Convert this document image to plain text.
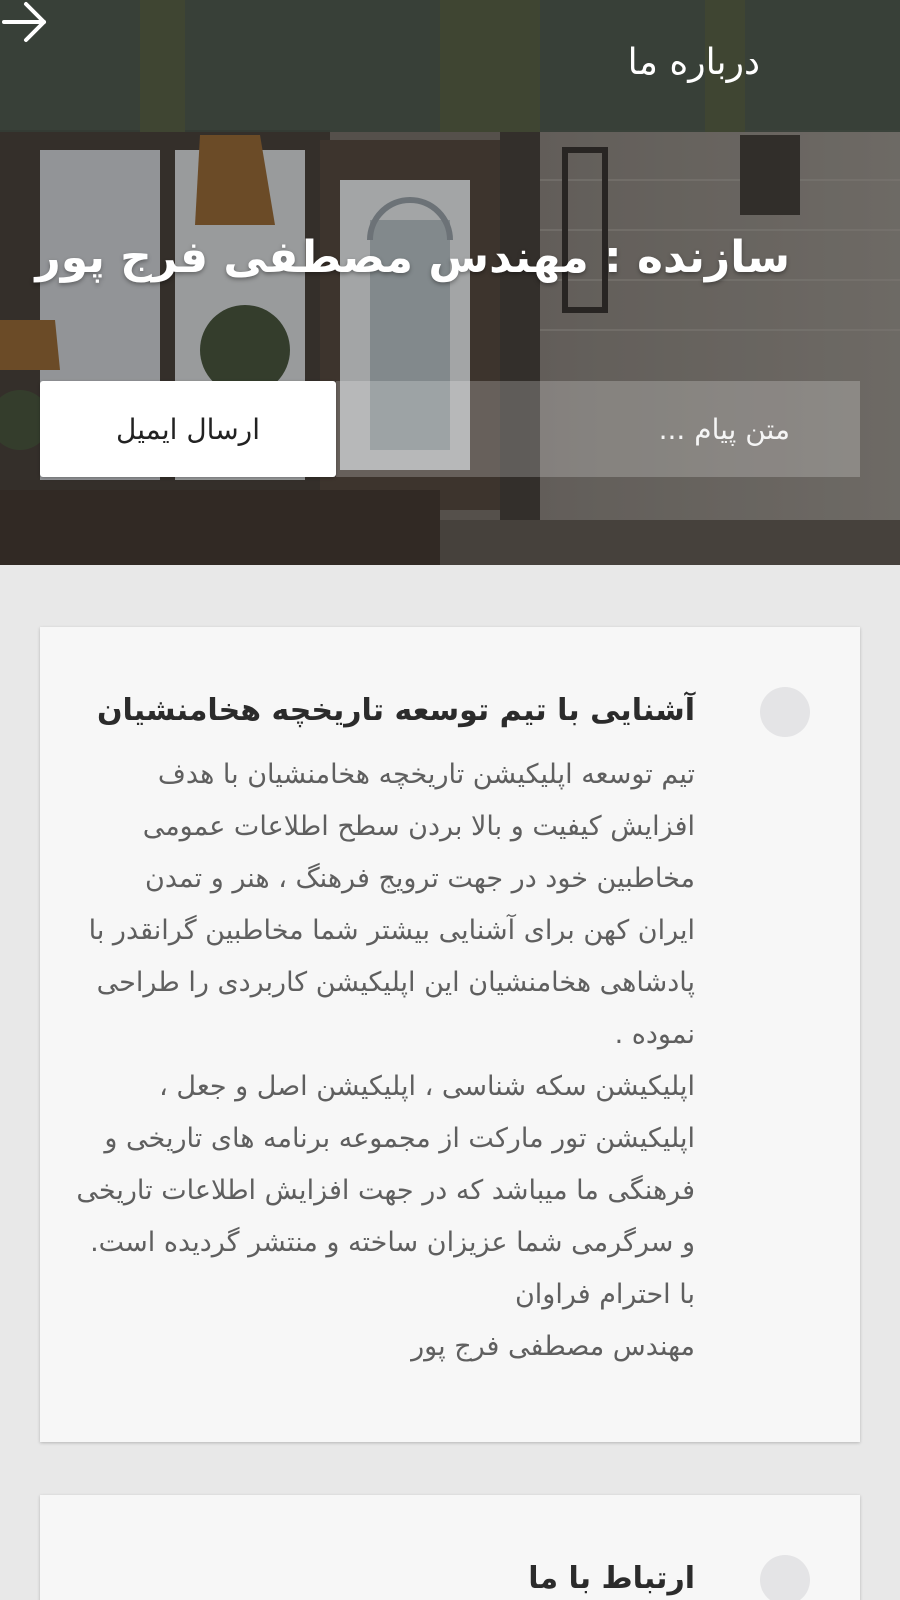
درباره ما
سازنده : مهندس مصطفی فرج پور
متن پیام ...
ارسال ایمیل
آشنایی با تیم توسعه تاریخچه هخامنشیان

تیم توسعه اپلیکیشن تاریخچه هخامنشیان با هدف

افزایش کیفیت و بالا بردن سطح اطلاعات عمومی

مخاطبین خود در جهت ترویج فرهنگ ، هنر و تمدن

ایران کهن برای آشنایی بیشتر شما مخاطبین گرانقدر با

پادشاهی هخامنشیان این اپلیکیشن کاربردی را طراحی

نموده .

اپلیکیشن سکه شناسی ، اپلیکیشن اصل و جعل ،

اپلیکیشن تور مارکت از مجموعه برنامه های تاریخی و

فرهنگی ما میباشد که در جهت افزایش اطلاعات تاریخی

و سرگرمی شما عزیزان ساخته و منتشر گردیده است.

با احترام فراوان

مهندس مصطفی فرج پور

ارتباط با ما
